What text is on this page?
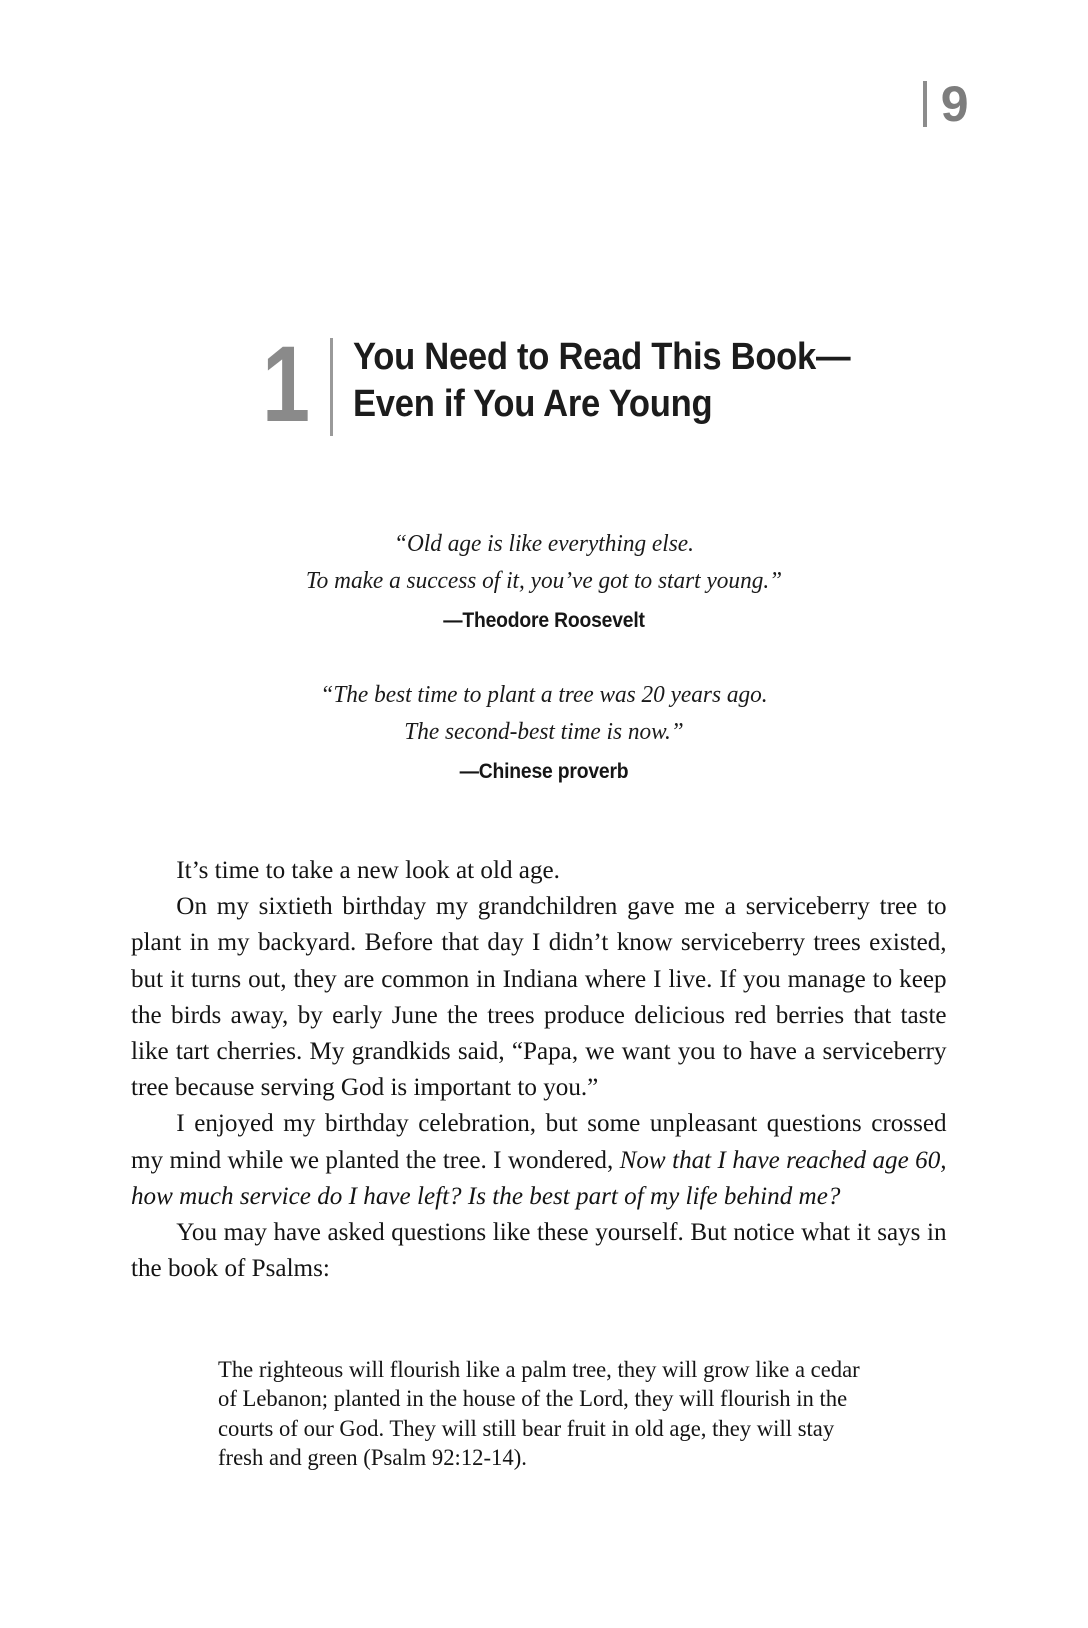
9
1 You Need to Read This Book—
Even if You Are Young
“Old age is like everything else.
To make a success of it, you’ve got to start young.”
—Theodore Roosevelt
“The best time to plant a tree was 20 years ago.
The second-best time is now.”
—Chinese proverb

It’s time to take a new look at old age.

On my sixtieth birthday my grandchildren gave me a serviceberry tree to plant in my backyard. Before that day I didn’t know serviceberry trees existed, but it turns out, they are common in Indiana where I live. If you manage to keep the birds away, by early June the trees produce delicious red berries that taste like tart cherries. My grandkids said, “Papa, we want you to have a serviceberry tree because serving God is important to you.”

I enjoyed my birthday celebration, but some unpleasant questions crossed my mind while we planted the tree. I wondered, Now that I have reached age 60, how much service do I have left? Is the best part of my life behind me?

You may have asked questions like these yourself. But notice what it says in the book of Psalms:

The righteous will flourish like a palm tree, they will grow like a cedar of Lebanon; planted in the house of the Lord, they will flourish in the courts of our God. They will still bear fruit in old age, they will stay fresh and green (Psalm 92:12-14).
